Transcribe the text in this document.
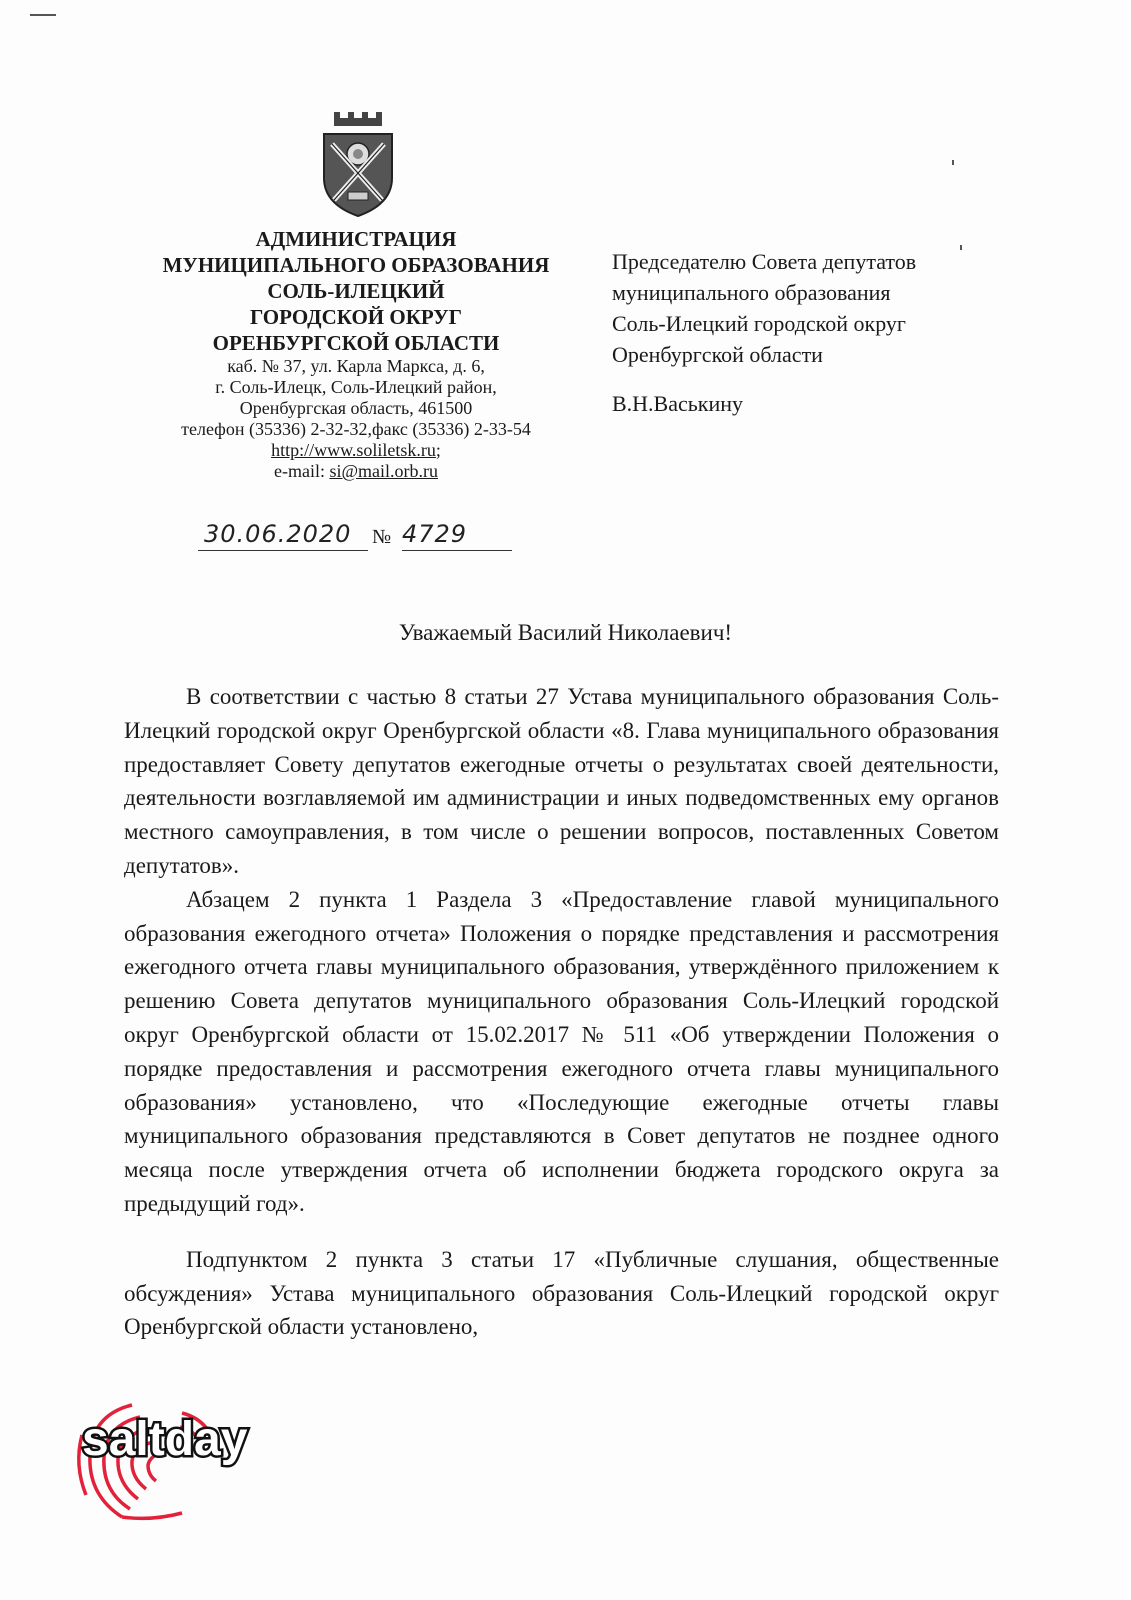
АДМИНИСТРАЦИЯ
МУНИЦИПАЛЬНОГО ОБРАЗОВАНИЯ
СОЛЬ-ИЛЕЦКИЙ
ГОРОДСКОЙ ОКРУГ
ОРЕНБУРГСКОЙ ОБЛАСТИ
каб. № 37, ул. Карла Маркса, д. 6,
г. Соль-Илецк, Соль-Илецкий район,
Оренбургская область, 461500
телефон (35336) 2-32-32,факс (35336) 2-33-54
http://www.soliletsk.ru;
e-mail: si@mail.orb.ru
Председателю Совета депутатов
муниципального образования
Соль-Илецкий городской округ
Оренбургской области
В.Н.Васькину
30.06.2020 № 4729
Уважаемый Василий Николаевич!

В соответствии с частью 8 статьи 27 Устава муниципального образования Соль-Илецкий городской округ Оренбургской области «8. Глава муниципального образования предоставляет Совету депутатов ежегодные отчеты о результатах своей деятельности, деятельности возглавляемой им администрации и иных подведомственных ему органов местного самоуправления, в том числе о решении вопросов, поставленных Советом депутатов».

Абзацем 2 пункта 1 Раздела 3 «Предоставление главой муниципального образования ежегодного отчета» Положения о порядке представления и рассмотрения ежегодного отчета главы муниципального образования, утверждённого приложением к решению Совета депутатов муниципального образования Соль-Илецкий городской округ Оренбургской области от 15.02.2017 № 511 «Об утверждении Положения о порядке предоставления и рассмотрения ежегодного отчета главы муниципального образования» установлено, что «Последующие ежегодные отчеты главы муниципального образования представляются в Совет депутатов не позднее одного месяца после утверждения отчета об исполнении бюджета городского округа за предыдущий год».

Подпунктом 2 пункта 3 статьи 17 «Публичные слушания, общественные обсуждения» Устава муниципального образования Соль-Илецкий городской округ Оренбургской области установлено,

saltday
